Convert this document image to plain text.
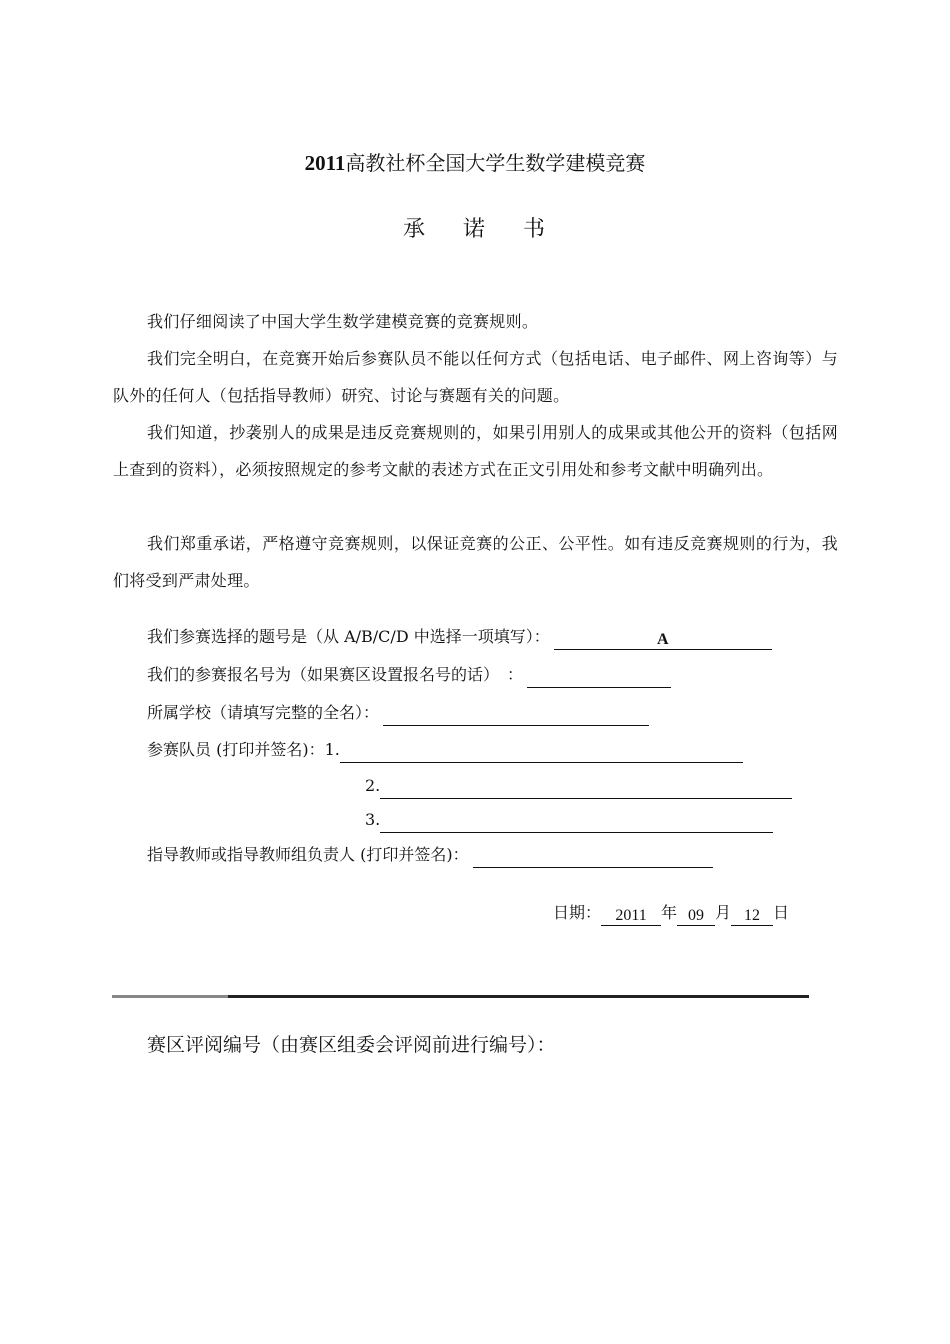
2011高教社杯全国大学生数学建模竞赛
承 诺 书

我们仔细阅读了中国大学生数学建模竞赛的竞赛规则。

我们完全明白，在竞赛开始后参赛队员不能以任何方式（包括电话、电子邮件、网上咨询等）与队外的任何人（包括指导教师）研究、讨论与赛题有关的问题。

我们知道，抄袭别人的成果是违反竞赛规则的，如果引用别人的成果或其他公开的资料（包括网上查到的资料），必须按照规定的参考文献的表述方式在正文引用处和参考文献中明确列出。

我们郑重承诺，严格遵守竞赛规则，以保证竞赛的公正、公平性。如有违反竞赛规则的行为，我们将受到严肃处理。

我们参赛选择的题号是（从 A/B/C/D 中选择一项填写）：	A
我们的参赛报名号为（如果赛区设置报名号的话）　：
所属学校（请填写完整的全名）：
参赛队员 (打印并签名)：1.
2.
3.
指导教师或指导教师组负责人 (打印并签名)：
日期： 2011 年 09 月 12 日
赛区评阅编号（由赛区组委会评阅前进行编号）：
